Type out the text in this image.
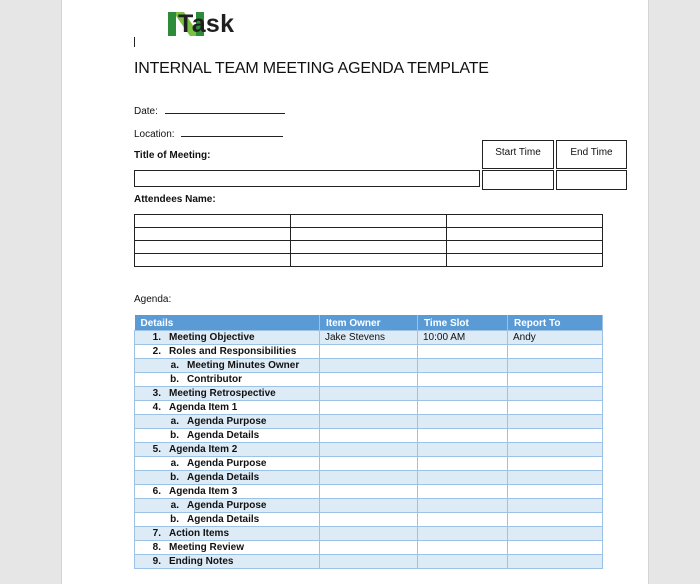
Task
INTERNAL TEAM MEETING AGENDA TEMPLATE
Date:
Location:
Title of Meeting:	Start Time	End Time
Attendees Name:

Agenda:
Details	Item Owner	Time Slot	Report To
1. Meeting Objective	Jake Stevens	10:00 AM	Andy
2. Roles and Responsibilities			
a. Meeting Minutes Owner			
b. Contributor			
3. Meeting Retrospective			
4. Agenda Item 1			
a. Agenda Purpose			
b. Agenda Details			
5. Agenda Item 2			
a. Agenda Purpose			
b. Agenda Details			
6. Agenda Item 3			
a. Agenda Purpose			
b. Agenda Details			
7. Action Items			
8. Meeting Review			
9. Ending Notes			
